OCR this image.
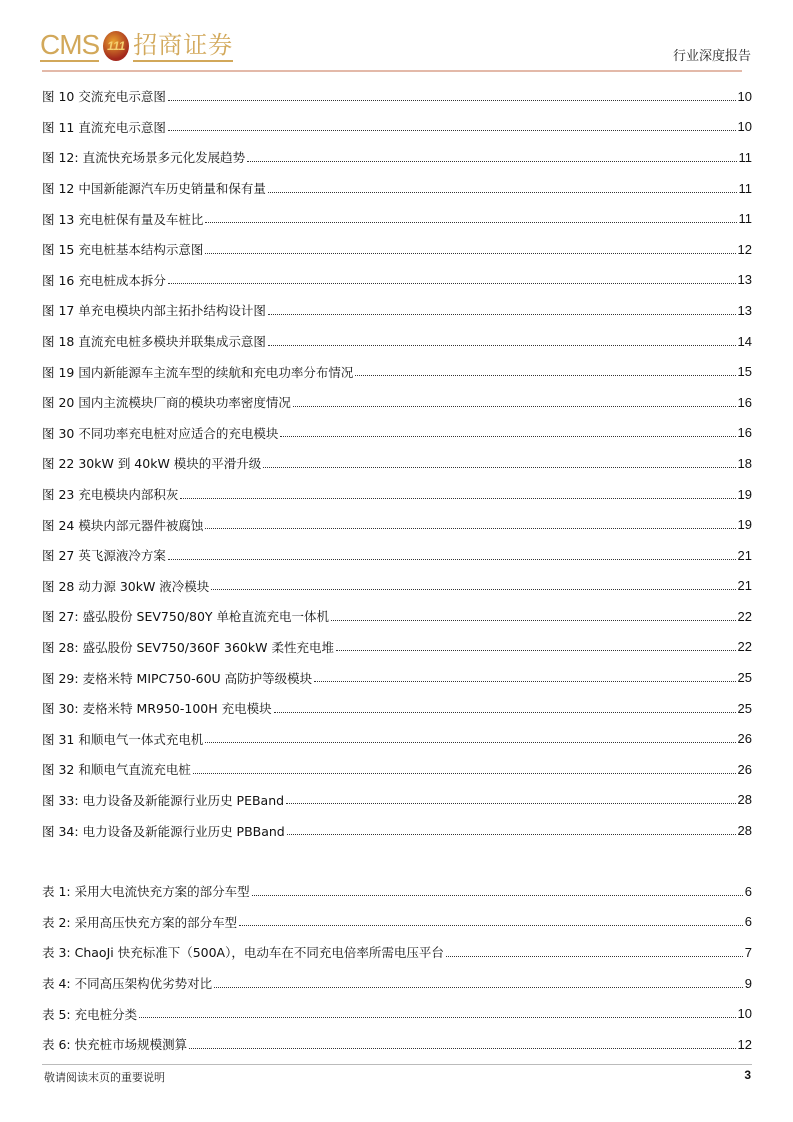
CMS 111 招商证券	行业深度报告
图 10 交流充电示意图	10
图 11 直流充电示意图	10
图 12: 直流快充场景多元化发展趋势	11
图 12 中国新能源汽车历史销量和保有量	11
图 13 充电桩保有量及车桩比	11
图 15 充电桩基本结构示意图	12
图 16 充电桩成本拆分	13
图 17 单充电模块内部主拓扑结构设计图	13
图 18 直流充电桩多模块并联集成示意图	14
图 19 国内新能源车主流车型的续航和充电功率分布情况	15
图 20 国内主流模块厂商的模块功率密度情况	16
图 30 不同功率充电桩对应适合的充电模块	16
图 22 30kW 到 40kW 模块的平滑升级	18
图 23 充电模块内部积灰	19
图 24 模块内部元器件被腐蚀	19
图 27 英飞源液冷方案	21
图 28 动力源 30kW 液冷模块	21
图 27: 盛弘股份 SEV750/80Y 单枪直流充电一体机	22
图 28: 盛弘股份 SEV750/360F 360kW 柔性充电堆	22
图 29: 麦格米特 MIPC750-60U 高防护等级模块	25
图 30: 麦格米特 MR950-100H 充电模块	25
图 31 和顺电气一体式充电机	26
图 32 和顺电气直流充电桩	26
图 33: 电力设备及新能源行业历史 PEBand	28
图 34: 电力设备及新能源行业历史 PBBand	28
表 1: 采用大电流快充方案的部分车型	6
表 2: 采用高压快充方案的部分车型	6
表 3: ChaoJi 快充标准下（500A），电动车在不同充电倍率所需电压平台	7
表 4: 不同高压架构优劣势对比	9
表 5: 充电桩分类	10
表 6: 快充桩市场规模测算	12
敬请阅读末页的重要说明	3
